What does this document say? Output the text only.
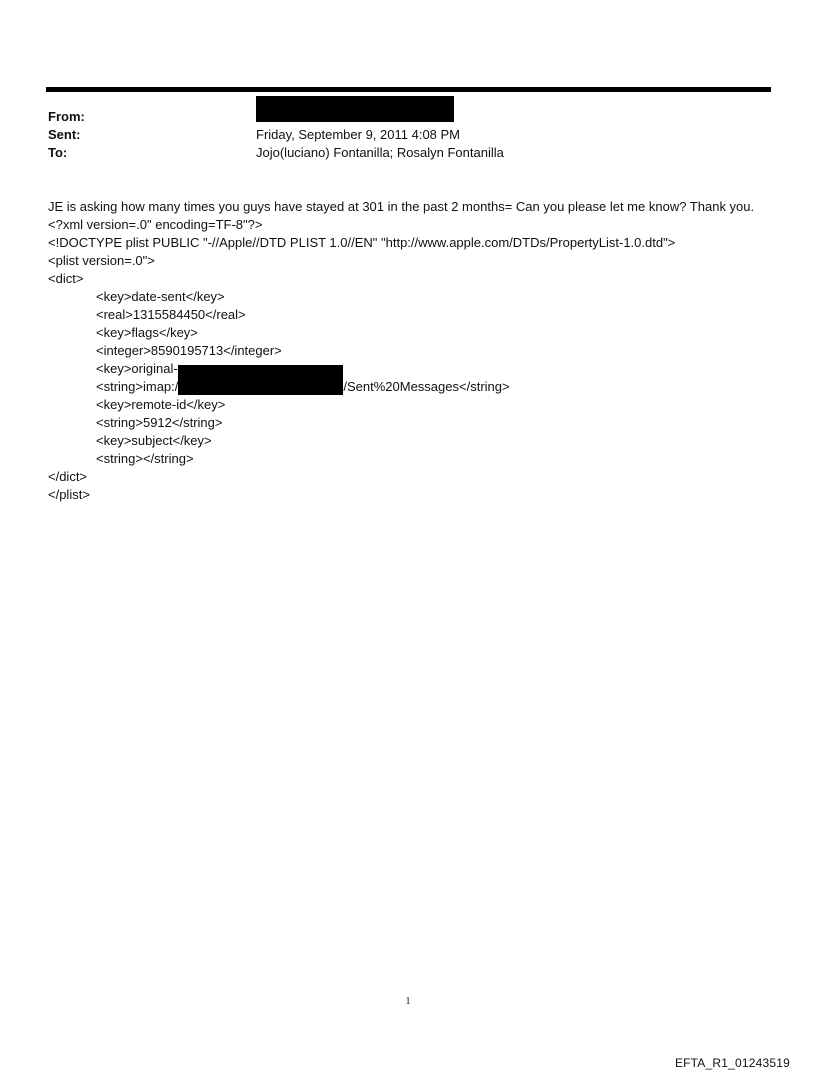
From:
Sent:	Friday, September 9, 2011 4:08 PM
To:	Jojo(luciano) Fontanilla; Rosalyn Fontanilla
JE is asking how many times you guys have stayed at 301 in the past 2 months= Can you please let me know? Thank you.
<?xml version=.0" encoding=TF-8"?>
<!DOCTYPE plist PUBLIC "-//Apple//DTD PLIST 1.0//EN" "http://www.apple.com/DTDs/PropertyList-1.0.dtd">
<plist version=.0">
<dict>
<key>date-sent</key>
<real>1315584450</real>
<key>flags</key>
<integer>8590195713</integer>
<key>original-
<string>imap:/	/Sent%20Messages</string>
<key>remote-id</key>
<string>5912</string>
<key>subject</key>
<string></string>
</dict>
</plist>
1
EFTA_R1_01243519
